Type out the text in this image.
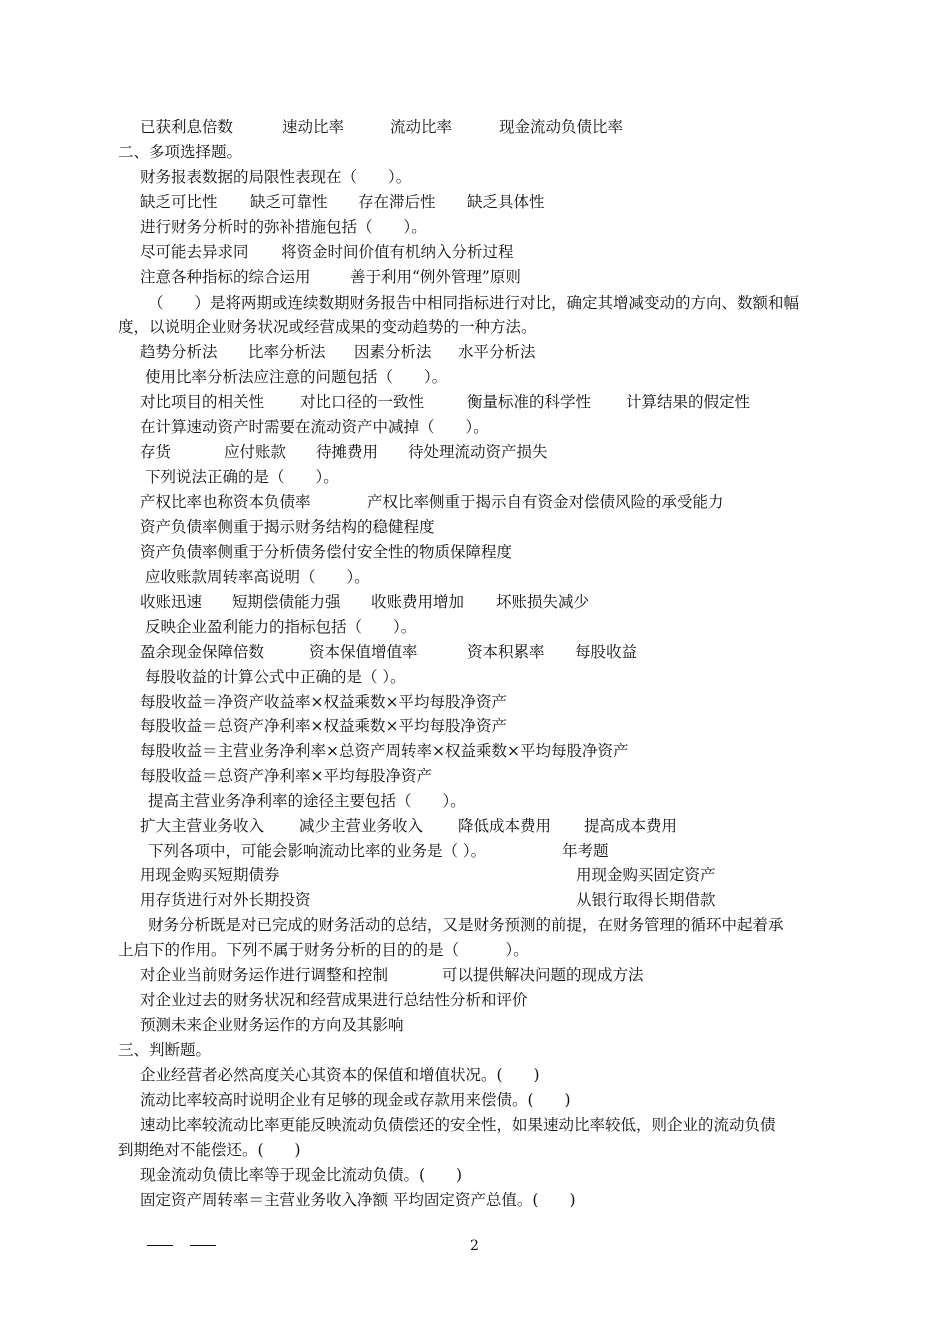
已获利息倍数	速动比率	流动比率	现金流动负债比率
二、多项选择题。
财务报表数据的局限性表现在（　　）。
缺乏可比性 缺乏可靠性 存在滞后性 缺乏具体性
进行财务分析时的弥补措施包括（　　）。
尽可能去异求同 将资金时间价值有机纳入分析过程
注意各种指标的综合运用	善于利用“例外管理”原则
（　　）是将两期或连续数期财务报告中相同指标进行对比，确定其增减变动的方向、数额和幅
度，以说明企业财务状况或经营成果的变动趋势的一种方法。
趋势分析法 比率分析法 因素分析法 水平分析法
使用比率分析法应注意的问题包括（　　）。
对比项目的相关性 对比口径的一致性	衡量标准的科学性 计算结果的假定性
在计算速动资产时需要在流动资产中减掉（　　）。
存货	应付账款 待摊费用 待处理流动资产损失
下列说法正确的是（　　）。
产权比率也称资本负债率	产权比率侧重于揭示自有资金对偿债风险的承受能力
资产负债率侧重于揭示财务结构的稳健程度
资产负债率侧重于分析债务偿付安全性的物质保障程度
应收账款周转率高说明（　　）。
收账迅速 短期偿债能力强 收账费用增加 坏账损失减少
反映企业盈利能力的指标包括（　　）。
盈余现金保障倍数	资本保值增值率	资本积累率 每股收益
每股收益的计算公式中正确的是（ ）。
每股收益＝净资产收益率×权益乘数×平均每股净资产
每股收益＝总资产净利率×权益乘数×平均每股净资产
每股收益＝主营业务净利率×总资产周转率×权益乘数×平均每股净资产
每股收益＝总资产净利率×平均每股净资产
提高主营业务净利率的途径主要包括（　　）。
扩大主营业务收入 减少主营业务收入 降低成本费用 提高成本费用
下列各项中，可能会影响流动比率的业务是（ ）。	年考题
用现金购买短期债券	用现金购买固定资产
用存货进行对外长期投资	从银行取得长期借款
财务分析既是对已完成的财务活动的总结，又是财务预测的前提，在财务管理的循环中起着承
上启下的作用。下列不属于财务分析的目的的是（　　　）。
对企业当前财务运作进行调整和控制	可以提供解决问题的现成方法
对企业过去的财务状况和经营成果进行总结性分析和评价
预测未来企业财务运作的方向及其影响
三、判断题。
企业经营者必然高度关心其资本的保值和增值状况。(　　)
流动比率较高时说明企业有足够的现金或存款用来偿债。(　　)
速动比率较流动比率更能反映流动负债偿还的安全性，如果速动比率较低，则企业的流动负债
到期绝对不能偿还。(　　)
现金流动负债比率等于现金比流动负债。(　　)
固定资产周转率＝主营业务收入净额 平均固定资产总值。(　　)
2
